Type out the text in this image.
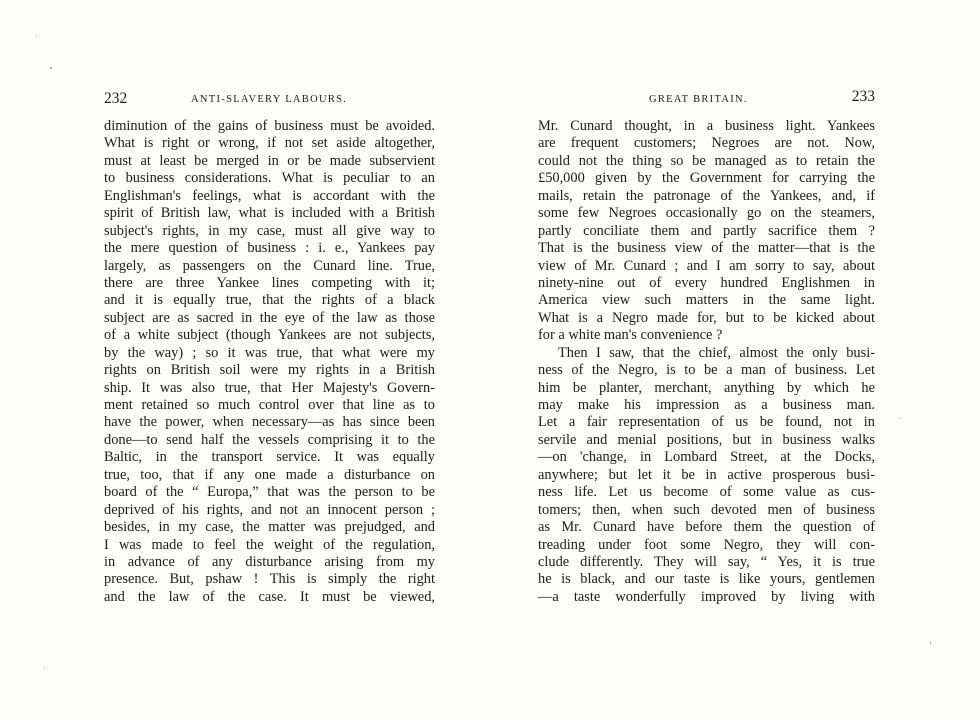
232	ANTI-SLAVERY LABOURS.
diminution of the gains of business must be avoided.
What is right or wrong, if not set aside altogether,
must at least be merged in or be made subservient
to business considerations. What is peculiar to an
Englishman's feelings, what is accordant with the
spirit of British law, what is included with a British
subject's rights, in my case, must all give way to
the mere question of business : i. e., Yankees pay
largely, as passengers on the Cunard line. True,
there are three Yankee lines competing with it;
and it is equally true, that the rights of a black
subject are as sacred in the eye of the law as those
of a white subject (though Yankees are not subjects,
by the way) ; so it was true, that what were my
rights on British soil were my rights in a British
ship. It was also true, that Her Majesty's Govern-
ment retained so much control over that line as to
have the power, when necessary—as has since been
done—to send half the vessels comprising it to the
Baltic, in the transport service. It was equally
true, too, that if any one made a disturbance on
board of the “ Europa,” that was the person to be
deprived of his rights, and not an innocent person ;
besides, in my case, the matter was prejudged, and
I was made to feel the weight of the regulation,
in advance of any disturbance arising from my
presence. But, pshaw ! This is simply the right
and the law of the case. It must be viewed,
GREAT BRITAIN.	233
Mr. Cunard thought, in a business light. Yankees
are frequent customers; Negroes are not. Now,
could not the thing so be managed as to retain the
£50,000 given by the Government for carrying the
mails, retain the patronage of the Yankees, and, if
some few Negroes occasionally go on the steamers,
partly conciliate them and partly sacrifice them ?
That is the business view of the matter—that is the
view of Mr. Cunard ; and I am sorry to say, about
ninety-nine out of every hundred Englishmen in
America view such matters in the same light.
What is a Negro made for, but to be kicked about
for a white man's convenience ?
Then I saw, that the chief, almost the only busi-
ness of the Negro, is to be a man of business. Let
him be planter, merchant, anything by which he
may make his impression as a business man.
Let a fair representation of us be found, not in
servile and menial positions, but in business walks
—on 'change, in Lombard Street, at the Docks,
anywhere; but let it be in active prosperous busi-
ness life. Let us become of some value as cus-
tomers; then, when such devoted men of business
as Mr. Cunard have before them the question of
treading under foot some Negro, they will con-
clude differently. They will say, “ Yes, it is true
he is black, and our taste is like yours, gentlemen
—a taste wonderfully improved by living with
